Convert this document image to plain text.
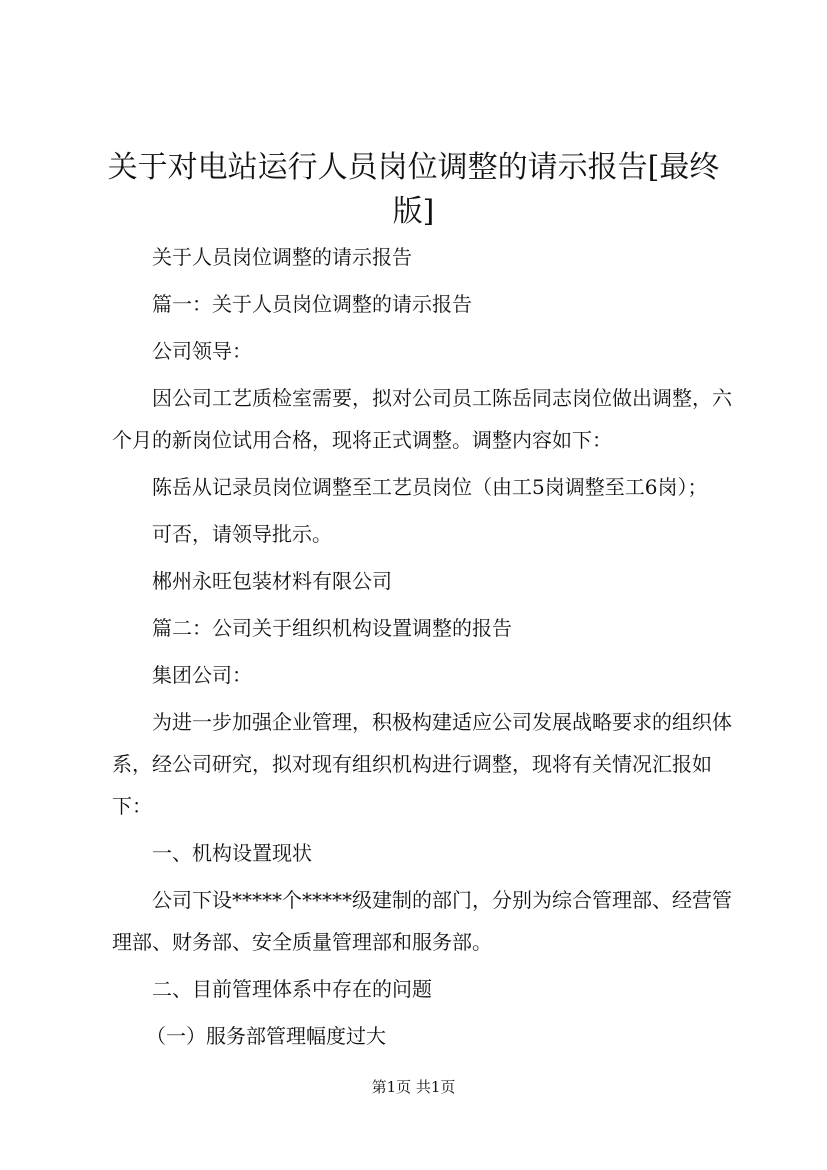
关于对电站运行人员岗位调整的请示报告[最终版]

关于人员岗位调整的请示报告

篇一：关于人员岗位调整的请示报告

公司领导：

因公司工艺质检室需要，拟对公司员工陈岳同志岗位做出调整，六个月的新岗位试用合格，现将正式调整。调整内容如下：

陈岳从记录员岗位调整至工艺员岗位（由工5岗调整至工6岗）；

可否，请领导批示。

郴州永旺包装材料有限公司

篇二：公司关于组织机构设置调整的报告

集团公司：

为进一步加强企业管理，积极构建适应公司发展战略要求的组织体系，经公司研究，拟对现有组织机构进行调整，现将有关情况汇报如下：

一、机构设置现状

公司下设*****个*****级建制的部门，分别为综合管理部、经营管理部、财务部、安全质量管理部和服务部。

二、目前管理体系中存在的问题

（一）服务部管理幅度过大

第1页 共1页
